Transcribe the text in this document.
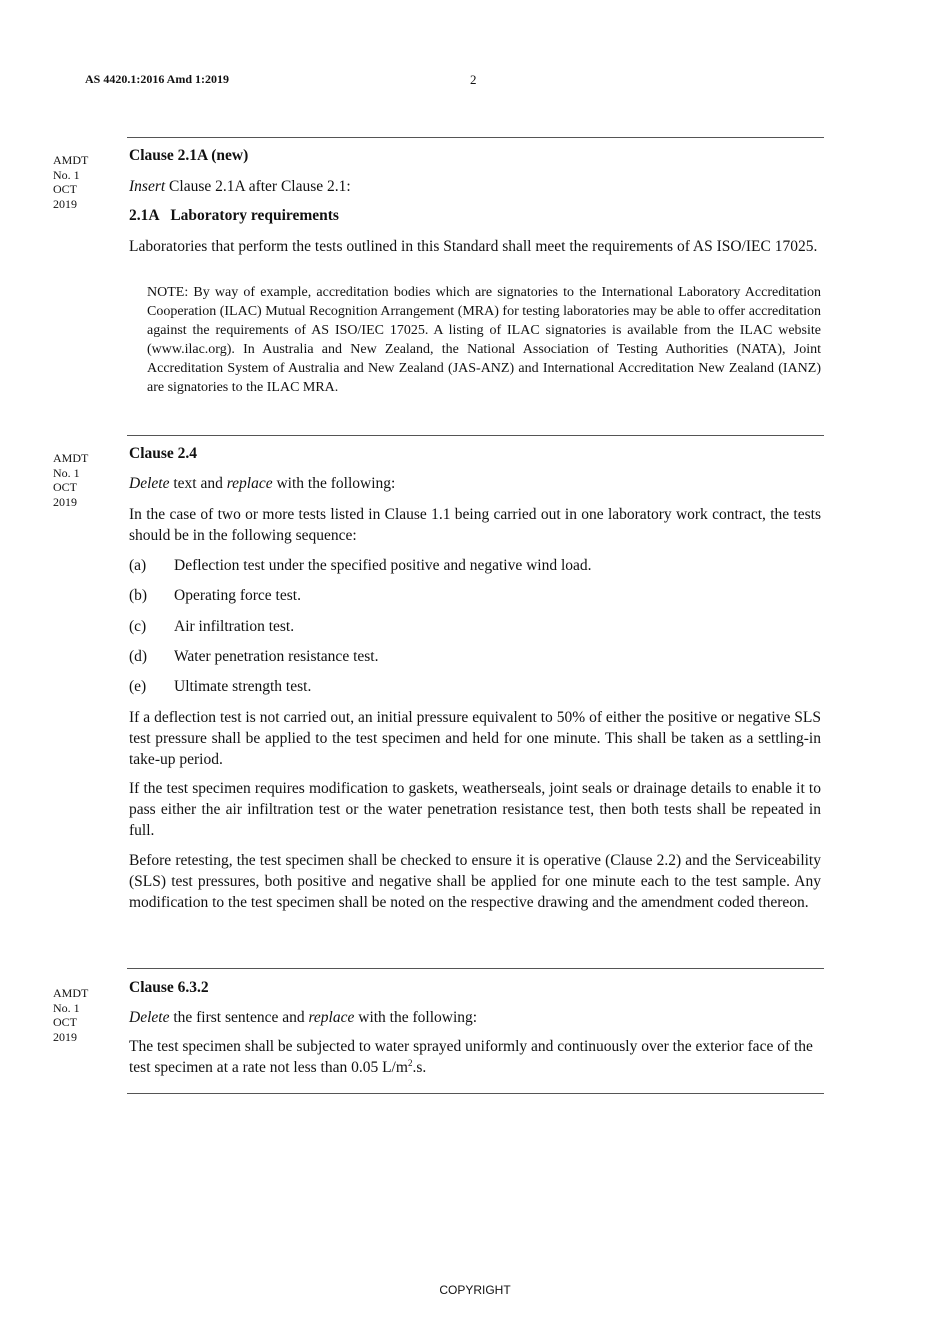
AS 4420.1:2016 Amd 1:2019	2
AMDT
No. 1
OCT
2019
Clause 2.1A (new)
Insert Clause 2.1A after Clause 2.1:
2.1A   Laboratory requirements
Laboratories that perform the tests outlined in this Standard shall meet the requirements of AS ISO/IEC 17025.
NOTE: By way of example, accreditation bodies which are signatories to the International Laboratory Accreditation Cooperation (ILAC) Mutual Recognition Arrangement (MRA) for testing laboratories may be able to offer accreditation against the requirements of AS ISO/IEC 17025. A listing of ILAC signatories is available from the ILAC website (www.ilac.org). In Australia and New Zealand, the National Association of Testing Authorities (NATA), Joint Accreditation System of Australia and New Zealand (JAS-ANZ) and International Accreditation New Zealand (IANZ) are signatories to the ILAC MRA.
AMDT
No. 1
OCT
2019
Clause 2.4
Delete text and replace with the following:
In the case of two or more tests listed in Clause 1.1 being carried out in one laboratory work contract, the tests should be in the following sequence:
(a) Deflection test under the specified positive and negative wind load.
(b) Operating force test.
(c) Air infiltration test.
(d) Water penetration resistance test.
(e) Ultimate strength test.
If a deflection test is not carried out, an initial pressure equivalent to 50% of either the positive or negative SLS test pressure shall be applied to the test specimen and held for one minute. This shall be taken as a settling-in take-up period.
If the test specimen requires modification to gaskets, weatherseals, joint seals or drainage details to enable it to pass either the air infiltration test or the water penetration resistance test, then both tests shall be repeated in full.
Before retesting, the test specimen shall be checked to ensure it is operative (Clause 2.2) and the Serviceability (SLS) test pressures, both positive and negative shall be applied for one minute each to the test sample. Any modification to the test specimen shall be noted on the respective drawing and the amendment coded thereon.
AMDT
No. 1
OCT
2019
Clause 6.3.2
Delete the first sentence and replace with the following:
The test specimen shall be subjected to water sprayed uniformly and continuously over the exterior face of the test specimen at a rate not less than 0.05 $L/m^2.s$.
COPYRIGHT
